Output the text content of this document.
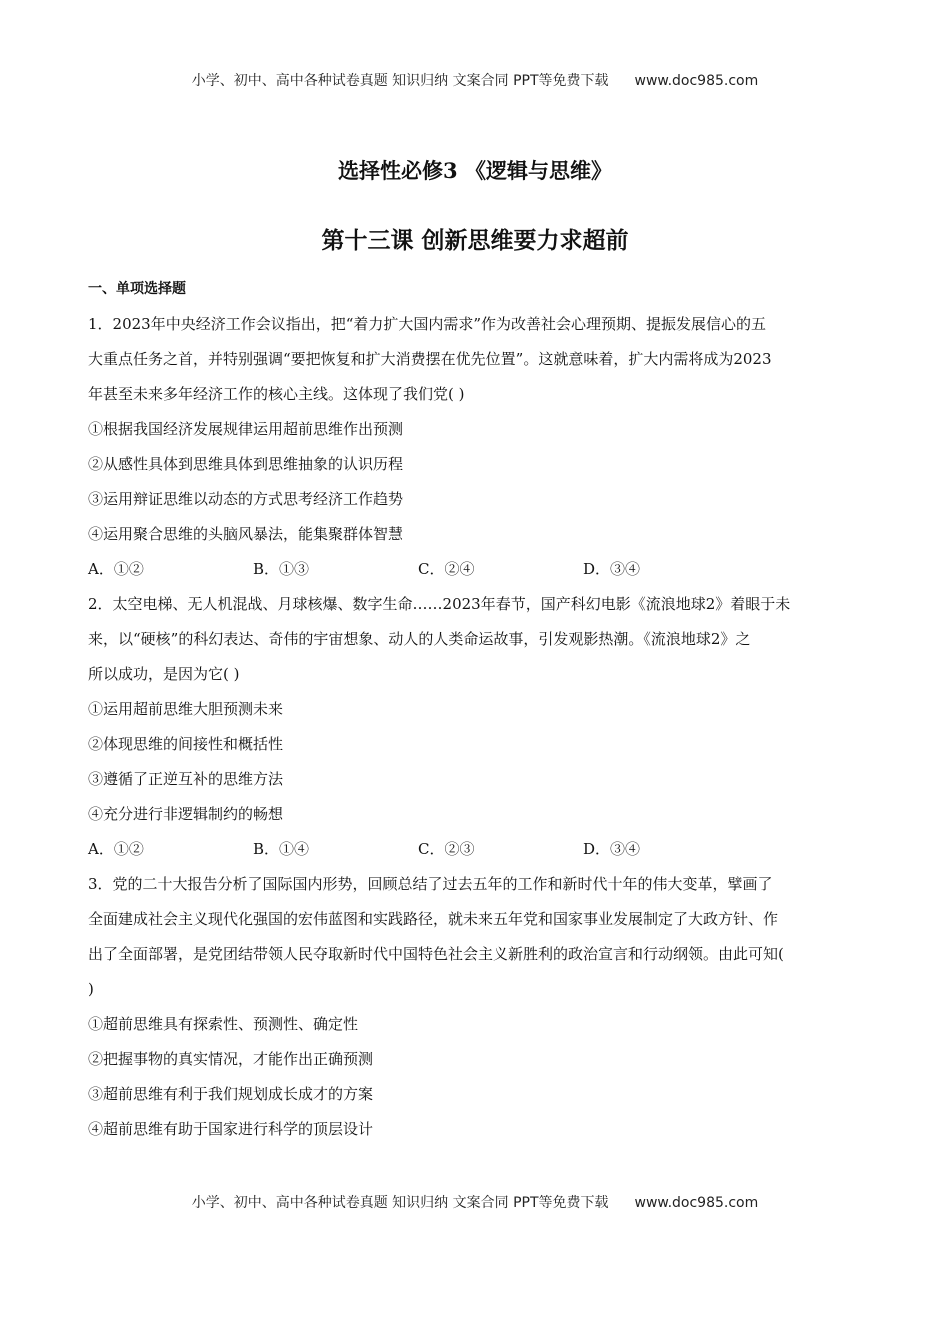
小学、初中、高中各种试卷真题 知识归纳 文案合同 PPT等免费下载 www.doc985.com
选择性必修3 《逻辑与思维》
第十三课 创新思维要力求超前
一、单项选择题
1．2023年中央经济工作会议指出，把“着力扩大国内需求”作为改善社会心理预期、提振发展信心的五
大重点任务之首，并特别强调“要把恢复和扩大消费摆在优先位置”。这就意味着，扩大内需将成为2023
年甚至未来多年经济工作的核心主线。这体现了我们党( )
①根据我国经济发展规律运用超前思维作出预测
②从感性具体到思维具体到思维抽象的认识历程
③运用辩证思维以动态的方式思考经济工作趋势
④运用聚合思维的头脑风暴法，能集聚群体智慧
A．①②	B．①③	C．②④	D．③④
2．太空电梯、无人机混战、月球核爆、数字生命……2023年春节，国产科幻电影《流浪地球2》着眼于未
来，以“硬核”的科幻表达、奇伟的宇宙想象、动人的人类命运故事，引发观影热潮。《流浪地球2》之
所以成功，是因为它( )
①运用超前思维大胆预测未来
②体现思维的间接性和概括性
③遵循了正逆互补的思维方法
④充分进行非逻辑制约的畅想
A．①②	B．①④	C．②③	D．③④
3．党的二十大报告分析了国际国内形势，回顾总结了过去五年的工作和新时代十年的伟大变革，擘画了
全面建成社会主义现代化强国的宏伟蓝图和实践路径，就未来五年党和国家事业发展制定了大政方针、作
出了全面部署，是党团结带领人民夺取新时代中国特色社会主义新胜利的政治宣言和行动纲领。由此可知(
)
①超前思维具有探索性、预测性、确定性
②把握事物的真实情况，才能作出正确预测
③超前思维有利于我们规划成长成才的方案
④超前思维有助于国家进行科学的顶层设计
小学、初中、高中各种试卷真题 知识归纳 文案合同 PPT等免费下载 www.doc985.com
